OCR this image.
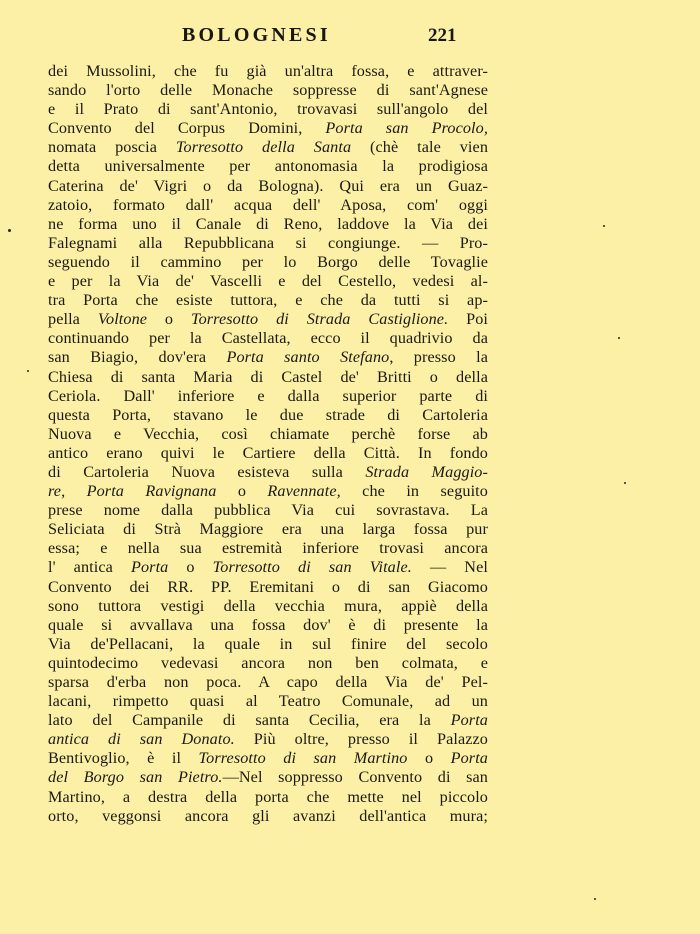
BOLOGNESI	221
dei Mussolini, che fu già un'altra fossa, e attraver-
sando l'orto delle Monache soppresse di sant'Agnese
e il Prato di sant'Antonio, trovavasi sull'angolo del
Convento del Corpus Domini, Porta san Procolo,
nomata poscia Torresotto della Santa (chè tale vien
detta universalmente per antonomasia la prodigiosa
Caterina de' Vigri o da Bologna). Qui era un Guaz-
zatoio, formato dall' acqua dell' Aposa, com' oggi
ne forma uno il Canale di Reno, laddove la Via dei
Falegnami alla Repubblicana si congiunge. — Pro-
seguendo il cammino per lo Borgo delle Tovaglie
e per la Via de' Vascelli e del Cestello, vedesi al-
tra Porta che esiste tuttora, e che da tutti si ap-
pella Voltone o Torresotto di Strada Castiglione. Poi
continuando per la Castellata, ecco il quadrivio da
san Biagio, dov'era Porta santo Stefano, presso la
Chiesa di santa Maria di Castel de' Britti o della
Ceriola. Dall' inferiore e dalla superior parte di
questa Porta, stavano le due strade di Cartoleria
Nuova e Vecchia, così chiamate perchè forse ab
antico erano quivi le Cartiere della Città. In fondo
di Cartoleria Nuova esisteva sulla Strada Maggio-
re, Porta Ravignana o Ravennate, che in seguito
prese nome dalla pubblica Via cui sovrastava. La
Seliciata di Strà Maggiore era una larga fossa pur
essa; e nella sua estremità inferiore trovasi ancora
l' antica Porta o Torresotto di san Vitale. — Nel
Convento dei RR. PP. Eremitani o di san Giacomo
sono tuttora vestigi della vecchia mura, appiè della
quale si avvallava una fossa dov' è di presente la
Via de'Pellacani, la quale in sul finire del secolo
quintodecimo vedevasi ancora non ben colmata, e
sparsa d'erba non poca. A capo della Via de' Pel-
lacani, rimpetto quasi al Teatro Comunale, ad un
lato del Campanile di santa Cecilia, era la Porta
antica di san Donato. Più oltre, presso il Palazzo
Bentivoglio, è il Torresotto di san Martino o Porta
del Borgo san Pietro.—Nel soppresso Convento di san
Martino, a destra della porta che mette nel piccolo
orto, veggonsi ancora gli avanzi dell'antica mura;
